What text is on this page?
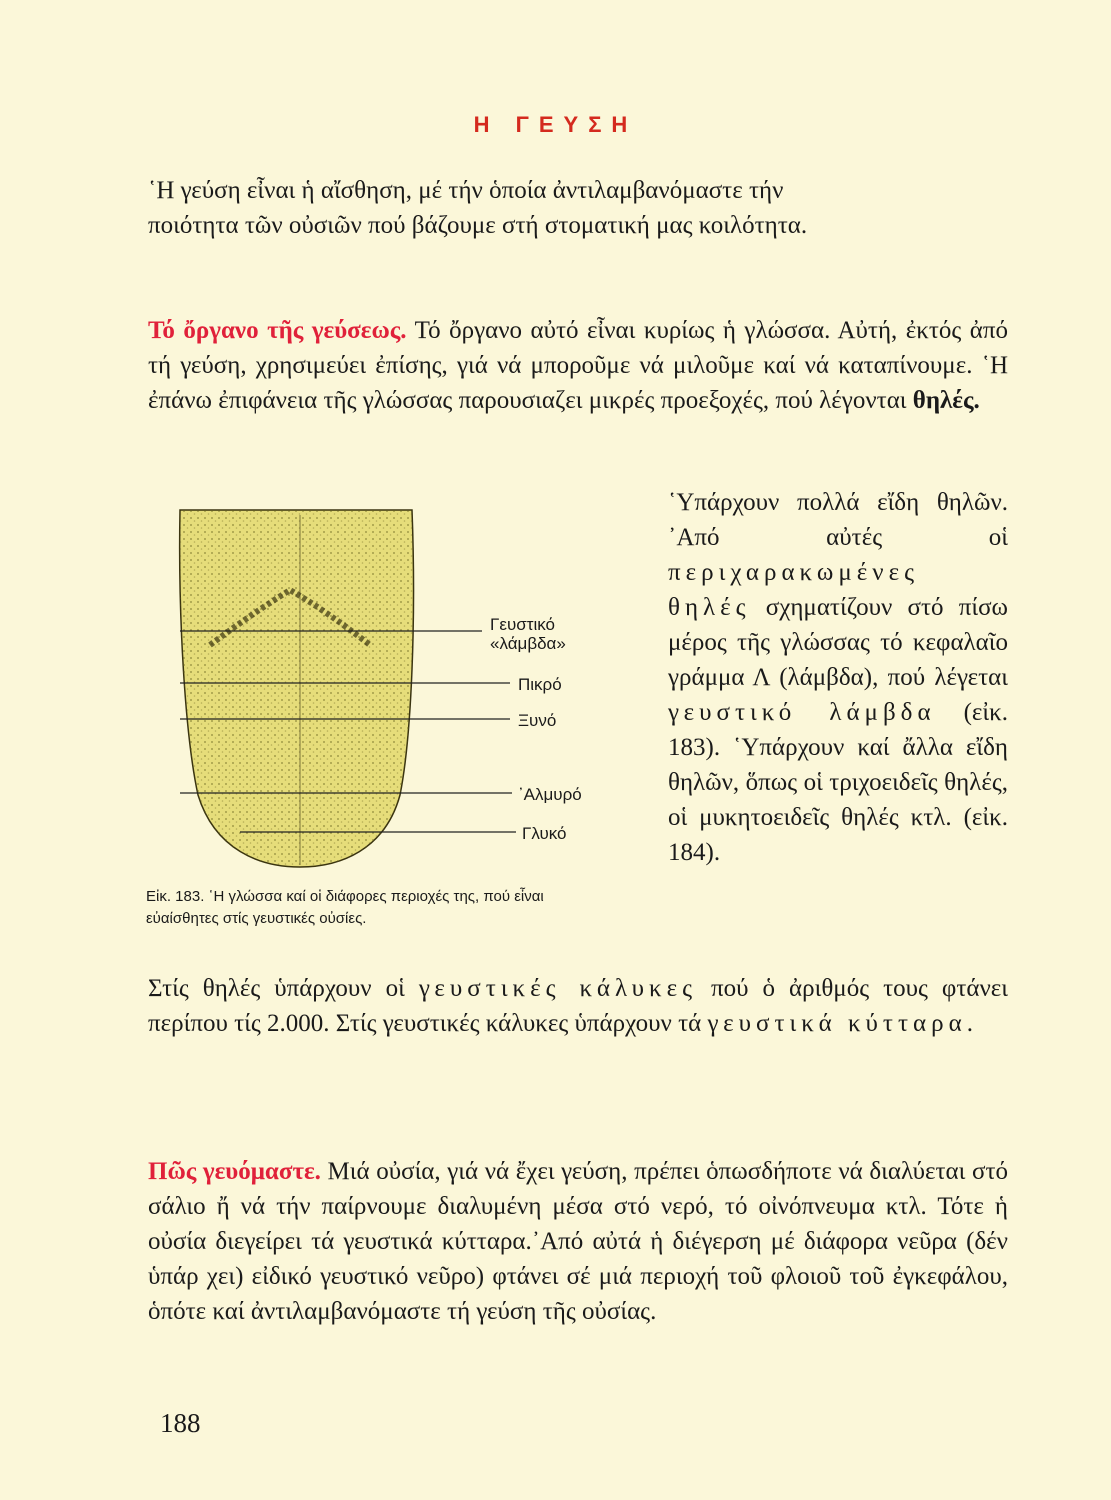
Η ΓΕΥΣΗ

῾Η γεύση εἶναι ἡ αἴσθηση, μέ τήν ὁποία ἀντιλαμβανόμαστε τήν

ποιότητα τῶν οὐσιῶν πού βάζουμε στή στοματική μας κοιλότητα.

Τό ὄργανο τῆς γεύσεως. Τό ὄργανο αὐτό εἶναι κυρίως ἡ γλώσσα. Αὐτή, ἐκτός ἀπό τή γεύση, χρησιμεύει ἐπίσης, γιά νά μποροῦμε νά μιλοῦμε καί νά καταπίνουμε. ῾Η ἐπάνω ἐπιφάνεια τῆς γλώσσας παρουσιαζει μικρές προεξοχές, πού λέγονται θηλές.
Γευστικό
«λάμβδα»
Πικρό
Ξυνό
᾿Αλμυρό
Γλυκό
Εἰκ. 183. ῾Η γλώσσα καί οἱ διάφορες περιοχές της, πού εἶναι εὐαίσθητες στίς γευστικές οὐσίες.
῾Υπάρχουν πολλά εἴδη θηλῶν. ᾿Από αὐτές οἱ περιχαρακωμένες θηλές σχηματίζουν στό πίσω μέρος τῆς γλώσσας τό κεφαλαῖο γράμμα Λ (λάμβδα), πού λέγεται γευστικό λάμβδα (εἰκ. 183). ῾Υπάρχουν καί ἄλλα εἴδη θηλῶν, ὅπως οἱ τριχοειδεῖς θηλές, οἱ μυκητοειδεῖς θηλές κτλ. (εἰκ. 184).
Στίς θηλές ὑπάρχουν οἱ γευστικές κάλυκες πού ὁ ἀριθμός τους φτάνει περίπου τίς 2.000. Στίς γευστικές κάλυκες ὑπάρχουν τά γευστικά κύτταρα.
Πῶς γευόμαστε. Μιά οὐσία, γιά νά ἔχει γεύση, πρέπει ὁπωσδήποτε νά διαλύεται στό σάλιο ἤ νά τήν παίρνουμε διαλυμένη μέσα στό νερό, τό οἰνόπνευμα κτλ. Τότε ἡ οὐσία διεγείρει τά γευστικά κύτταρα.᾿Από αὐτά ἡ διέγερση μέ διάφορα νεῦρα (δέν ὑπάρ χει) εἰδικό γευστικό νεῦρο) φτάνει σέ μιά περιοχή τοῦ φλοιοῦ τοῦ ἐγκεφάλου, ὁπότε καί ἀντιλαμβανόμαστε τή γεύση τῆς οὐσίας.
188
